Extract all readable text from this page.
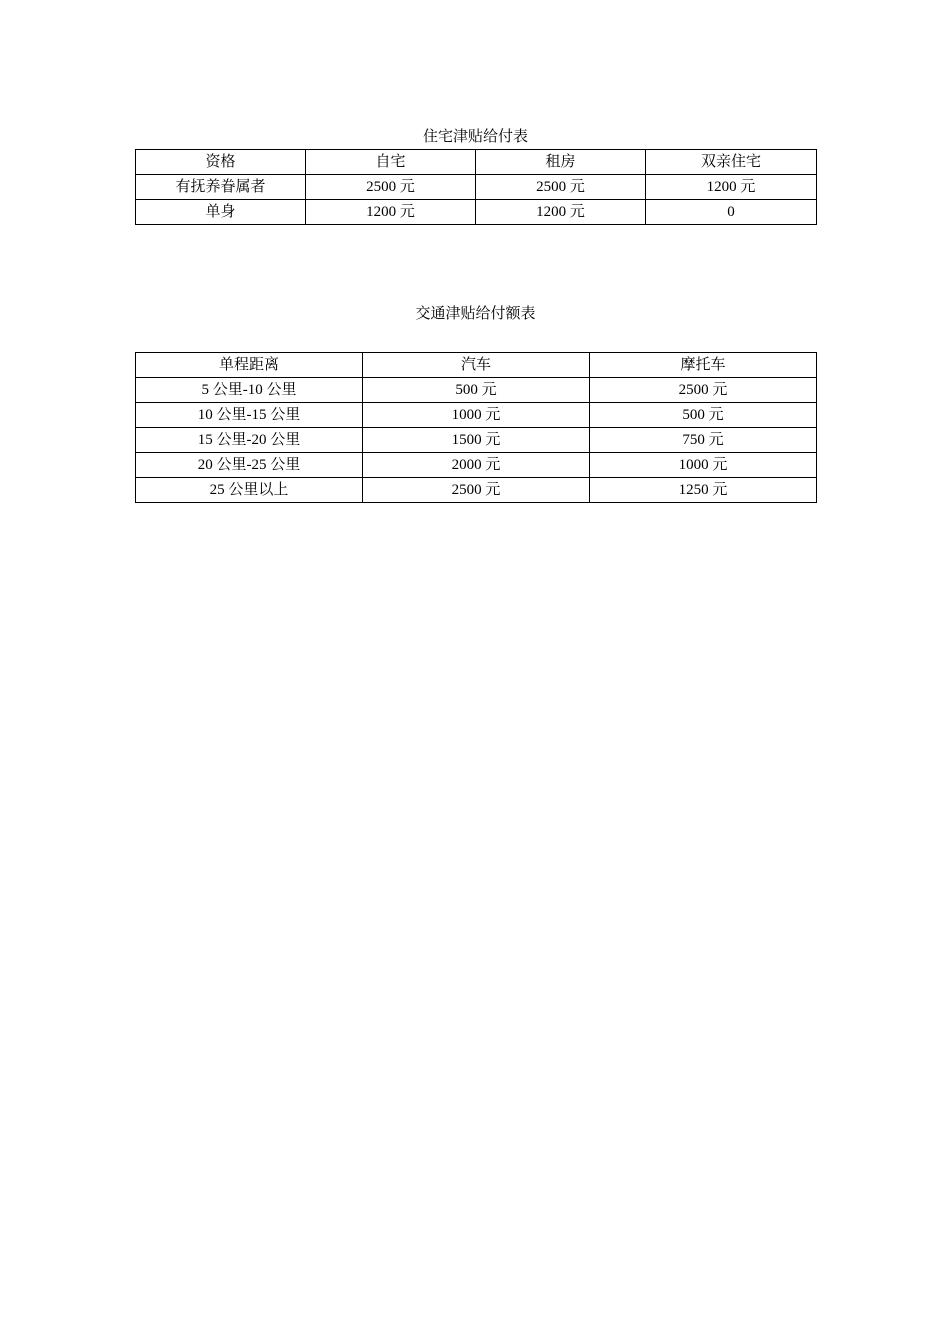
住宅津贴给付表
资格	自宅	租房	双亲住宅
有抚养眷属者	2500 元	2500 元	1200 元
单身	1200 元	1200 元	0
交通津贴给付额表
单程距离	汽车	摩托车
5 公里-10 公里	500 元	2500 元
10 公里-15 公里	1000 元	500 元
15 公里-20 公里	1500 元	750 元
20 公里-25 公里	2000 元	1000 元
25 公里以上	2500 元	1250 元
